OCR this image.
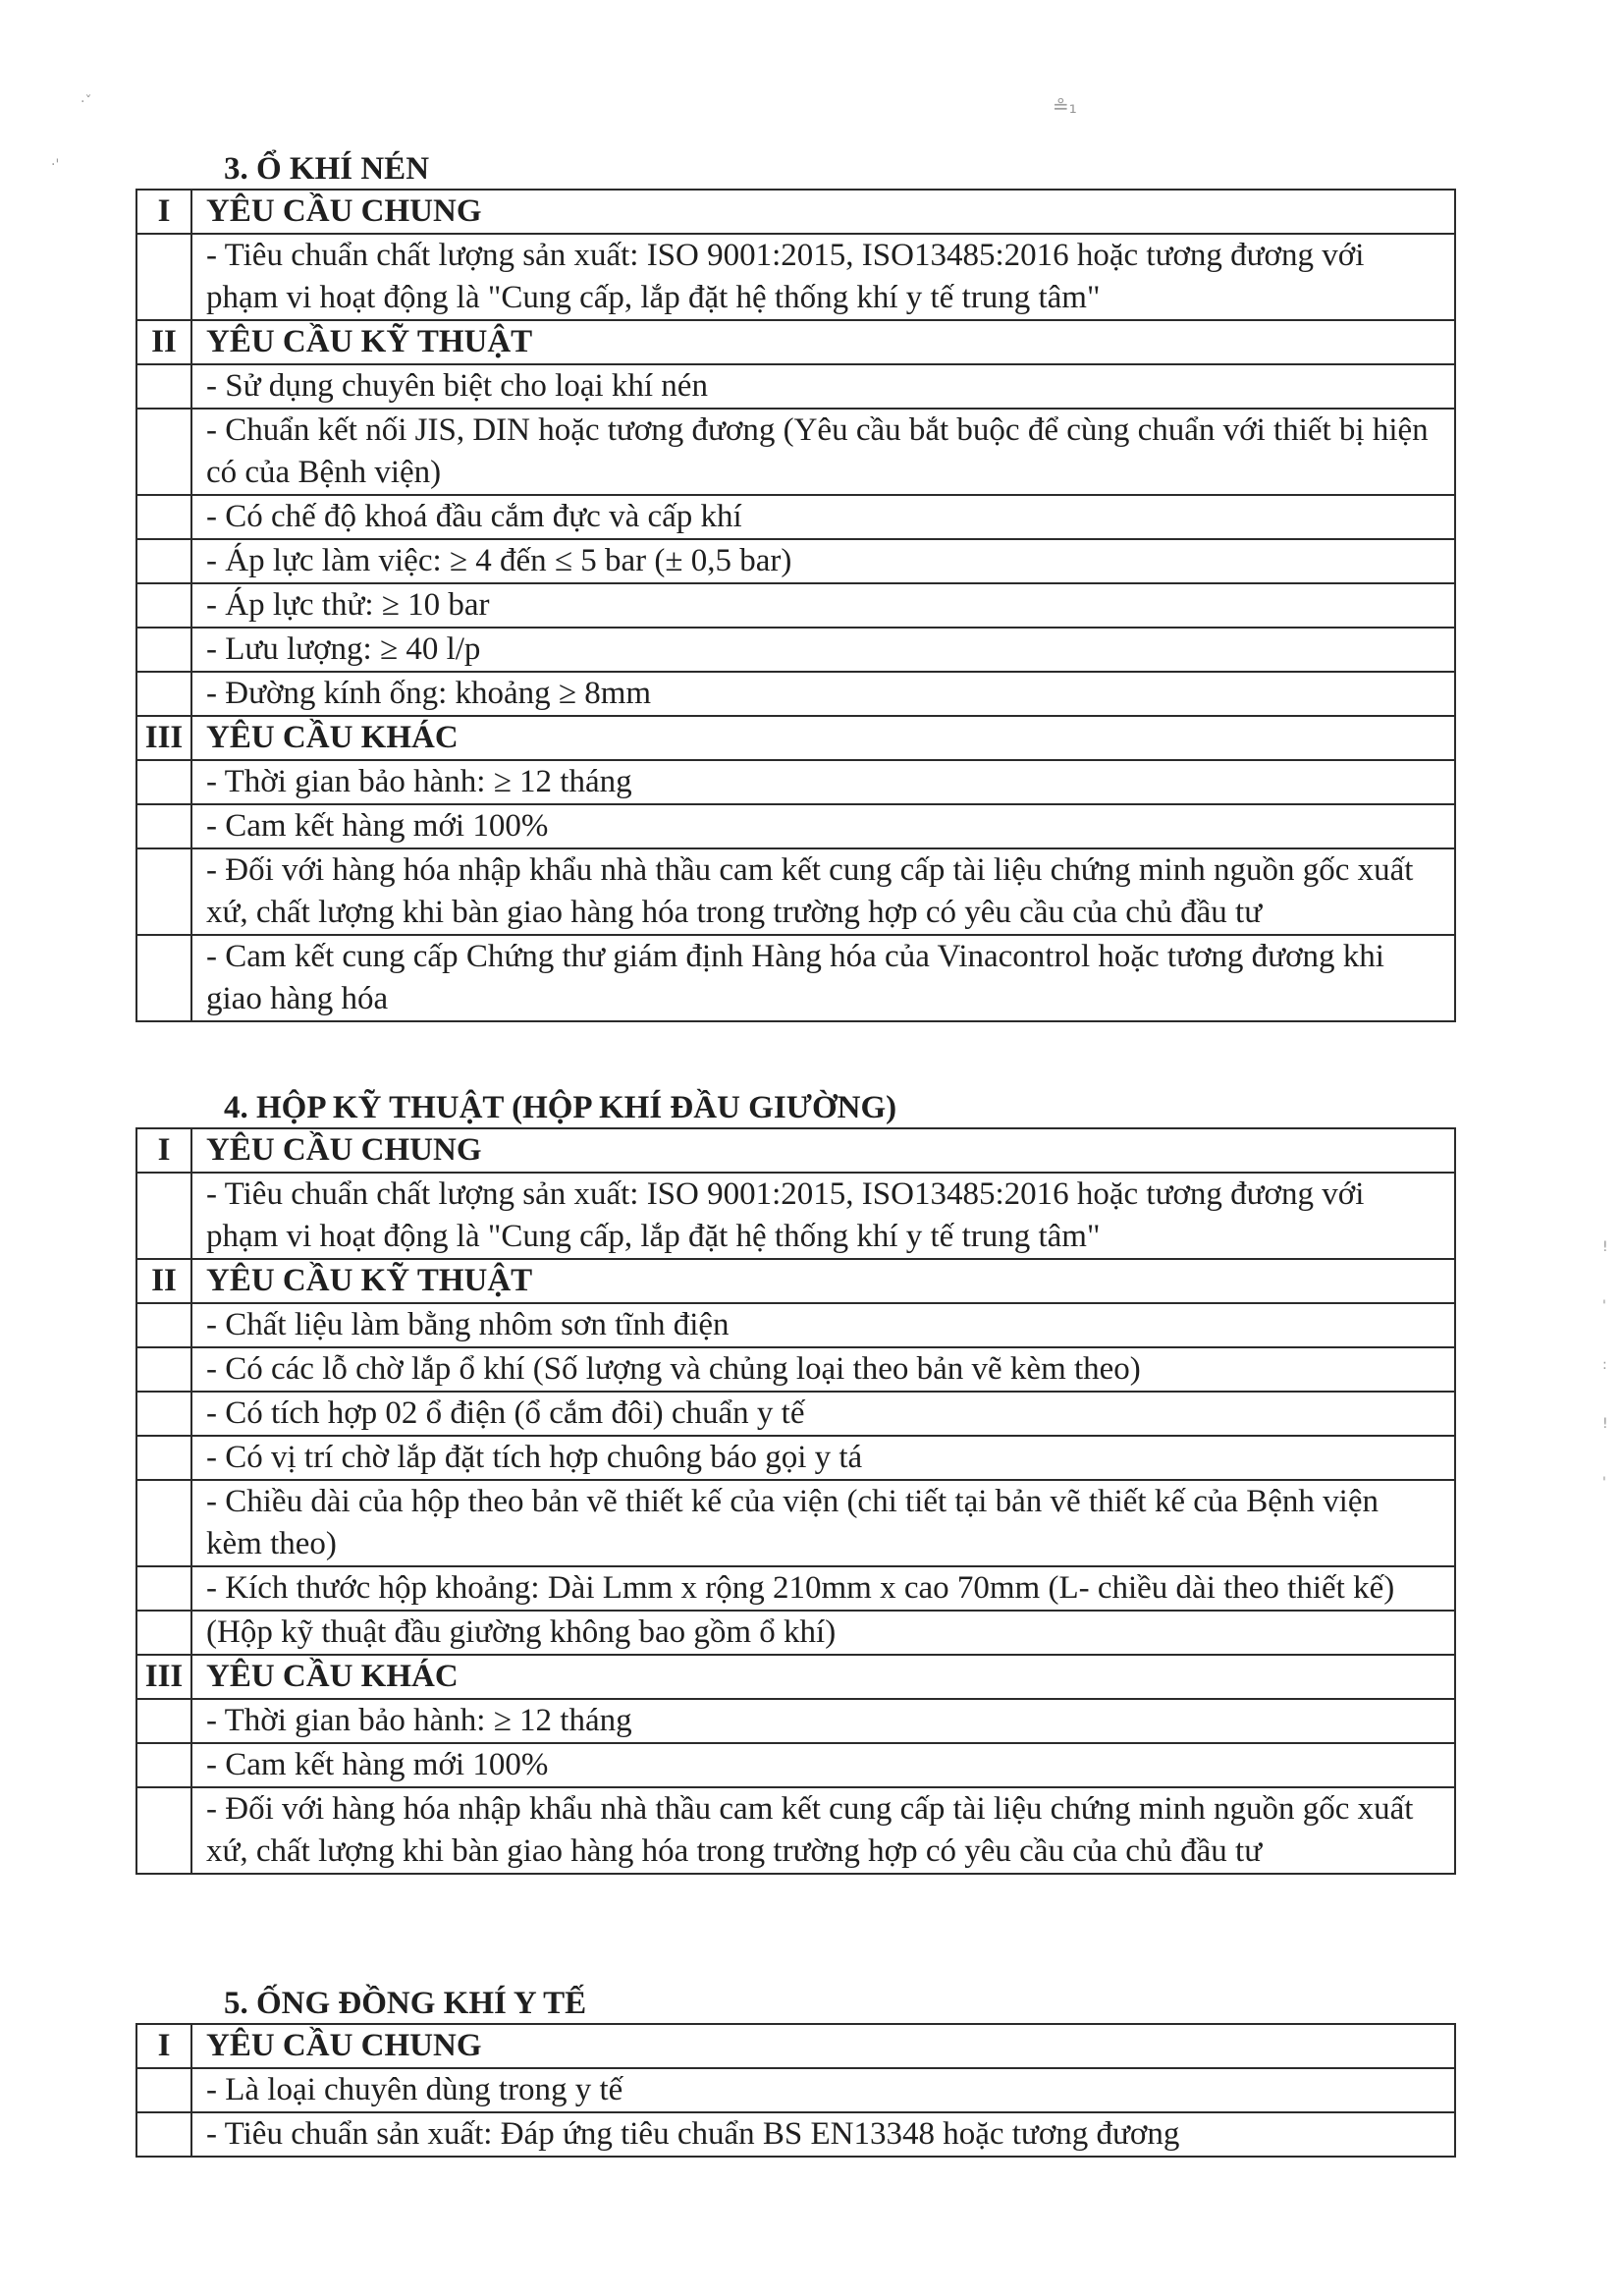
·ˇ
·'
≗₁
! ' : ! '
3. Ổ KHÍ NÉN
I	YÊU CẦU CHUNG
	- Tiêu chuẩn chất lượng sản xuất: ISO 9001:2015, ISO13485:2016 hoặc tương đương với phạm vi hoạt động là "Cung cấp, lắp đặt hệ thống khí y tế trung tâm"
II	YÊU CẦU KỸ THUẬT
	- Sử dụng chuyên biệt cho loại khí nén
	- Chuẩn kết nối JIS, DIN hoặc tương đương (Yêu cầu bắt buộc để cùng chuẩn với thiết bị hiện có của Bệnh viện)
	- Có chế độ khoá đầu cắm đực và cấp khí
	- Áp lực làm việc: ≥ 4 đến ≤ 5 bar (± 0,5 bar)
	- Áp lực thử: ≥ 10 bar
	- Lưu lượng: ≥ 40 l/p
	- Đường kính ống: khoảng ≥ 8mm
III	YÊU CẦU KHÁC
	- Thời gian bảo hành: ≥ 12 tháng
	- Cam kết hàng mới 100%
	- Đối với hàng hóa nhập khẩu nhà thầu cam kết cung cấp tài liệu chứng minh nguồn gốc xuất xứ, chất lượng khi bàn giao hàng hóa trong trường hợp có yêu cầu của chủ đầu tư
	- Cam kết cung cấp Chứng thư giám định Hàng hóa của Vinacontrol hoặc tương đương khi giao hàng hóa
4. HỘP KỸ THUẬT (HỘP KHÍ ĐẦU GIƯỜNG)
I	YÊU CẦU CHUNG
	- Tiêu chuẩn chất lượng sản xuất: ISO 9001:2015, ISO13485:2016 hoặc tương đương với phạm vi hoạt động là "Cung cấp, lắp đặt hệ thống khí y tế trung tâm"
II	YÊU CẦU KỸ THUẬT
	- Chất liệu làm bằng nhôm sơn tĩnh điện
	- Có các lỗ chờ lắp ổ khí (Số lượng và chủng loại theo bản vẽ kèm theo)
	- Có tích hợp 02 ổ điện (ổ cắm đôi) chuẩn y tế
	- Có vị trí chờ lắp đặt tích hợp chuông báo gọi y tá
	- Chiều dài của hộp theo bản vẽ thiết kế của viện (chi tiết tại bản vẽ thiết kế của Bệnh viện kèm theo)
	- Kích thước hộp khoảng: Dài Lmm x rộng 210mm x cao 70mm (L- chiều dài theo thiết kế)
	(Hộp kỹ thuật đầu giường không bao gồm ổ khí)
III	YÊU CẦU KHÁC
	- Thời gian bảo hành: ≥ 12 tháng
	- Cam kết hàng mới 100%
	- Đối với hàng hóa nhập khẩu nhà thầu cam kết cung cấp tài liệu chứng minh nguồn gốc xuất xứ, chất lượng khi bàn giao hàng hóa trong trường hợp có yêu cầu của chủ đầu tư
5. ỐNG ĐỒNG KHÍ Y TẾ
I	YÊU CẦU CHUNG
	- Là loại chuyên dùng trong y tế
	- Tiêu chuẩn sản xuất: Đáp ứng tiêu chuẩn BS EN13348 hoặc tương đương
